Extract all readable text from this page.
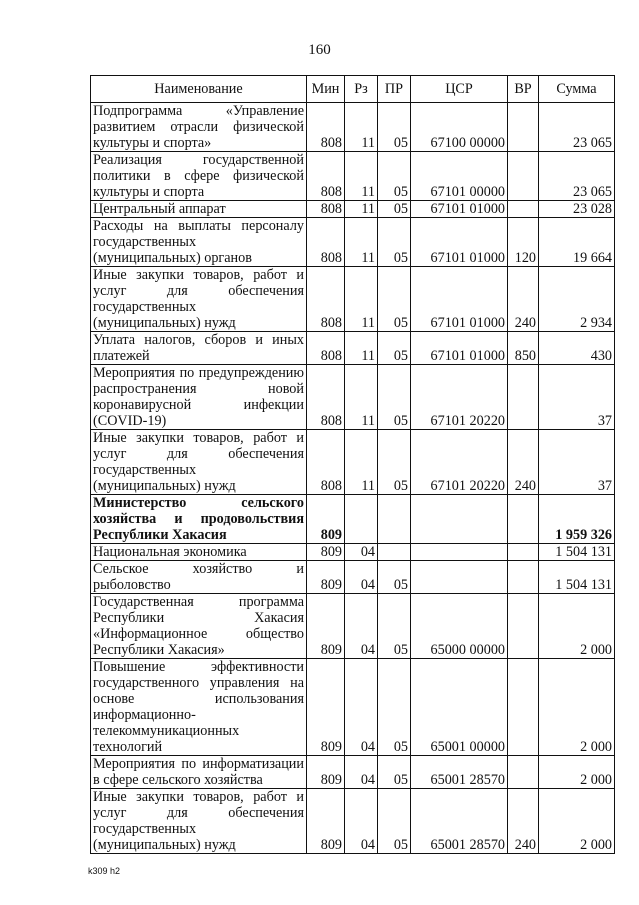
160
Наименование	Мин	Рз	ПР	ЦСР	ВР	Сумма
Подпрограмма «Управление развитием отрасли физической культуры и спорта»	808	11	05	67100 00000		23 065
Реализация государственной политики в сфере физической культуры и спорта	808	11	05	67101 00000		23 065
Центральный аппарат	808	11	05	67101 01000		23 028
Расходы на выплаты персоналу государственных (муниципальных) органов	808	11	05	67101 01000	120	19 664
Иные закупки товаров, работ и услуг для обеспечения государственных (муниципальных) нужд	808	11	05	67101 01000	240	2 934
Уплата налогов, сборов и иных платежей	808	11	05	67101 01000	850	430
Мероприятия по предупреждению распространения новой коронавирусной инфекции (COVID-19)	808	11	05	67101 20220		37
Иные закупки товаров, работ и услуг для обеспечения государственных (муниципальных) нужд	808	11	05	67101 20220	240	37
Министерство сельского хозяйства и продовольствия Республики Хакасия	809					1 959 326
Национальная экономика	809	04				1 504 131
Сельское хозяйство и рыболовство	809	04	05			1 504 131
Государственная программа Республики Хакасия «Информационное общество Республики Хакасия»	809	04	05	65000 00000		2 000
Повышение эффективности государственного управления на основе использования информационно-телекоммуникационных технологий	809	04	05	65001 00000		2 000
Мероприятия по информатизации в сфере сельского хозяйства	809	04	05	65001 28570		2 000
Иные закупки товаров, работ и услуг для обеспечения государственных (муниципальных) нужд	809	04	05	65001 28570	240	2 000
k309 h2
